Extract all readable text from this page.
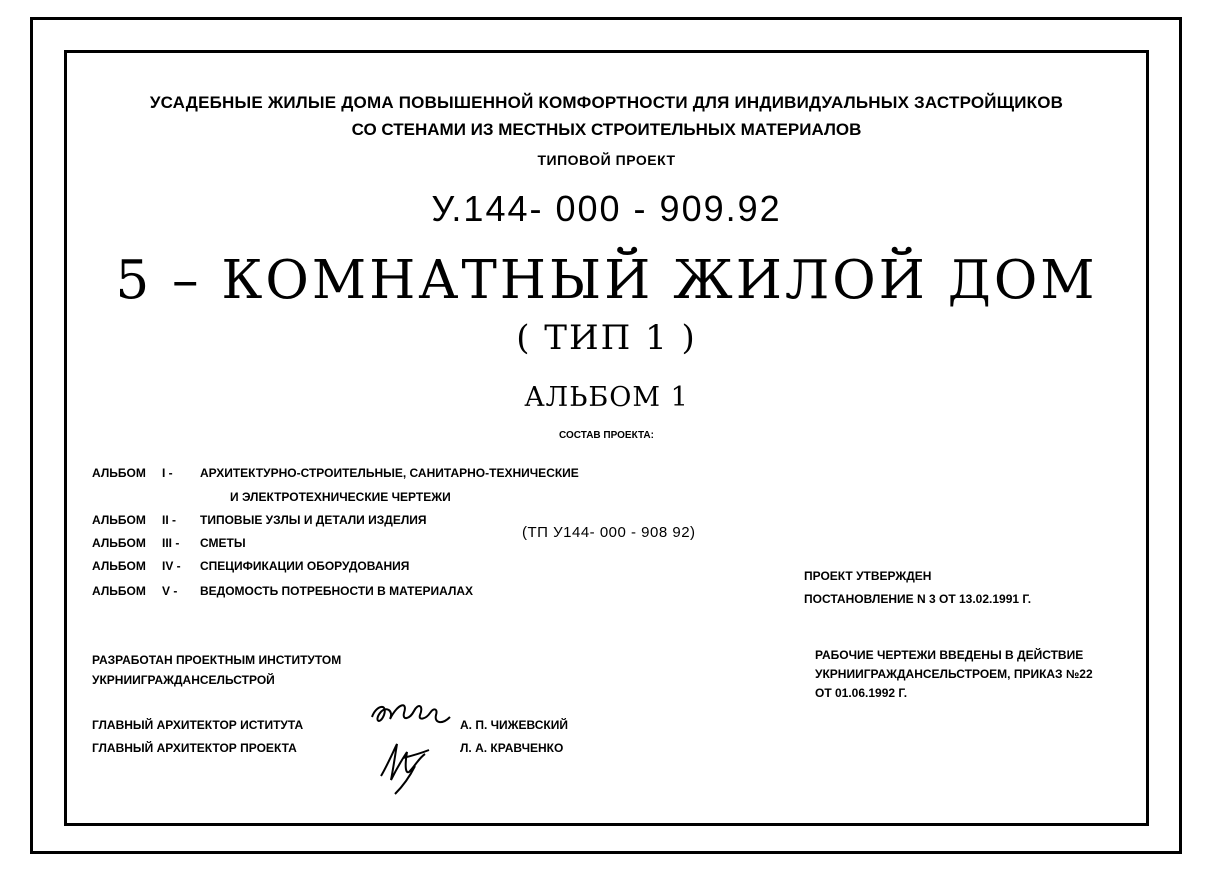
УСАДЕБНЫЕ ЖИЛЫЕ ДОМА ПОВЫШЕННОЙ КОМФОРТНОСТИ ДЛЯ ИНДИВИДУАЛЬНЫХ ЗАСТРОЙЩИКОВ
СО СТЕНАМИ ИЗ МЕСТНЫХ СТРОИТЕЛЬНЫХ МАТЕРИАЛОВ
ТИПОВОЙ ПРОЕКТ
У.144- 000 - 909.92
5 – КОМНАТНЫЙ ЖИЛОЙ ДОМ
( ТИП 1 )
АЛЬБОМ 1
СОСТАВ ПРОЕКТА:
АЛЬБОМ I - АРХИТЕКТУРНО-СТРОИТЕЛЬНЫЕ, САНИТАРНО-ТЕХНИЧЕСКИЕ
И ЭЛЕКТРОТЕХНИЧЕСКИЕ ЧЕРТЕЖИ
АЛЬБОМ II - ТИПОВЫЕ УЗЛЫ И ДЕТАЛИ ИЗДЕЛИЯ
(ТП У144- 000 - 908 92)
АЛЬБОМ III - СМЕТЫ
АЛЬБОМ IV - СПЕЦИФИКАЦИИ ОБОРУДОВАНИЯ
АЛЬБОМ V - ВЕДОМОСТЬ ПОТРЕБНОСТИ В МАТЕРИАЛАХ
ПРОЕКТ УТВЕРЖДЕН
ПОСТАНОВЛЕНИЕ N 3 ОТ 13.02.1991 Г.
РАЗРАБОТАН ПРОЕКТНЫМ ИНСТИТУТОМ
УКРНИИГРАЖДАНСЕЛЬСТРОЙ
РАБОЧИЕ ЧЕРТЕЖИ ВВЕДЕНЫ В ДЕЙСТВИЕ
УКРНИИГРАЖДАНСЕЛЬСТРОЕМ, ПРИКАЗ №22
ОТ 01.06.1992 Г.
ГЛАВНЫЙ АРХИТЕКТОР ИСТИТУТА	А. П. ЧИЖЕВСКИЙ
ГЛАВНЫЙ АРХИТЕКТОР ПРОЕКТА	Л. А. КРАВЧЕНКО
